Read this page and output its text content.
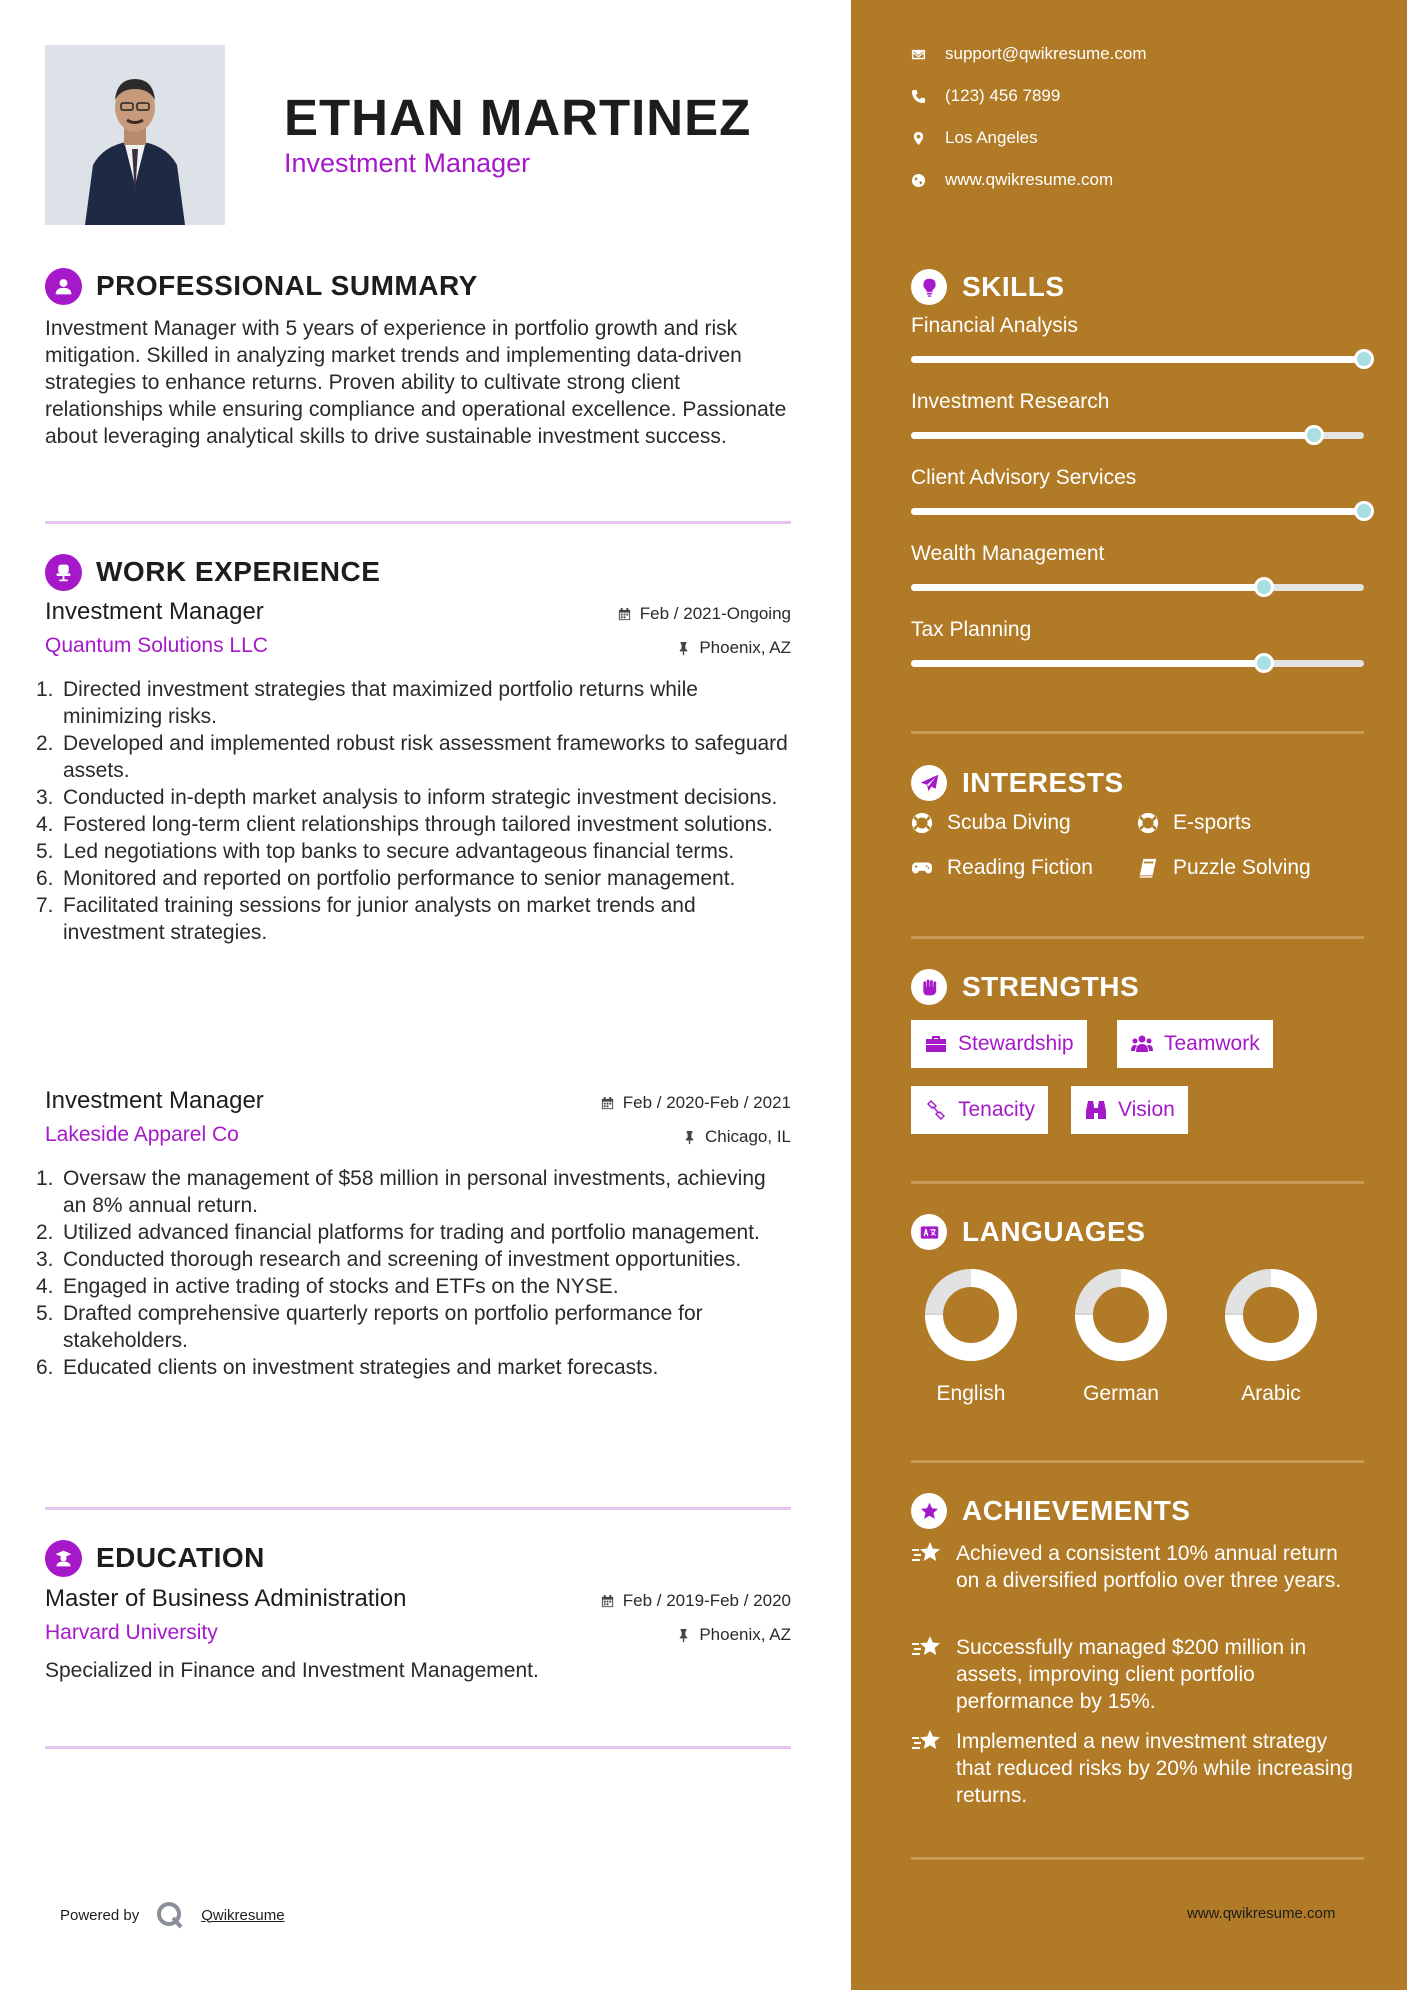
ETHAN MARTINEZ
Investment Manager
PROFESSIONAL SUMMARY
Investment Manager with 5 years of experience in portfolio growth and risk mitigation. Skilled in analyzing market trends and implementing data-driven strategies to enhance returns. Proven ability to cultivate strong client relationships while ensuring compliance and operational excellence. Passionate about leveraging analytical skills to drive sustainable investment success.
WORK EXPERIENCE
Investment Manager	Feb / 2021-Ongoing
Quantum Solutions LLC	Phoenix, AZ
1. Directed investment strategies that maximized portfolio returns while minimizing risks.
2. Developed and implemented robust risk assessment frameworks to safeguard assets.
3. Conducted in-depth market analysis to inform strategic investment decisions.
4. Fostered long-term client relationships through tailored investment solutions.
5. Led negotiations with top banks to secure advantageous financial terms.
6. Monitored and reported on portfolio performance to senior management.
7. Facilitated training sessions for junior analysts on market trends and investment strategies.
Investment Manager	Feb / 2020-Feb / 2021
Lakeside Apparel Co	Chicago, IL
1. Oversaw the management of $58 million in personal investments, achieving an 8% annual return.
2. Utilized advanced financial platforms for trading and portfolio management.
3. Conducted thorough research and screening of investment opportunities.
4. Engaged in active trading of stocks and ETFs on the NYSE.
5. Drafted comprehensive quarterly reports on portfolio performance for stakeholders.
6. Educated clients on investment strategies and market forecasts.
EDUCATION
Master of Business Administration	Feb / 2019-Feb / 2020
Harvard University	Phoenix, AZ
Specialized in Finance and Investment Management.
Powered by	Qwikresume
support@qwikresume.com
(123) 456 7899
Los Angeles
www.qwikresume.com
SKILLS
Financial Analysis
Investment Research
Client Advisory Services
Wealth Management
Tax Planning
INTERESTS
Scuba Diving	E-sports
Reading Fiction	Puzzle Solving
STRENGTHS
Stewardship	Teamwork
Tenacity	Vision
LANGUAGES
English	German	Arabic
ACHIEVEMENTS
Achieved a consistent 10% annual return on a diversified portfolio over three years.
Successfully managed $200 million in assets, improving client portfolio performance by 15%.
Implemented a new investment strategy that reduced risks by 20% while increasing returns.
www.qwikresume.com
